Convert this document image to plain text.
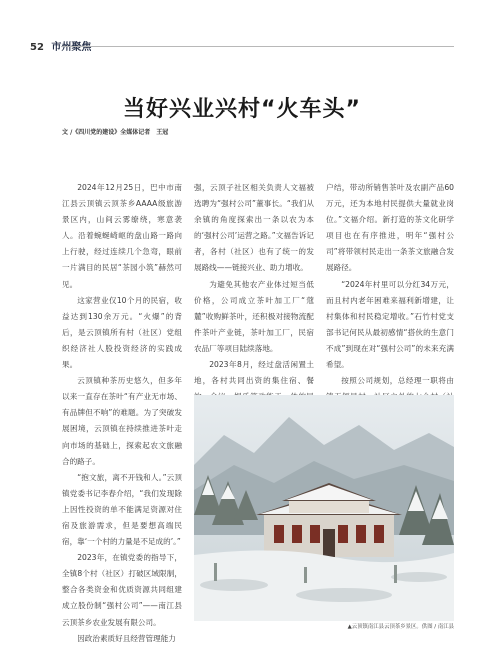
52 市州聚焦
当好兴业兴村“火车头”
文 /《四川党的建设》全媒体记者　王冠

2024年12月25日，巴中市南江县云顶镇云顶茶乡AAAA级旅游景区内，山间云雾缭绕，寒意袭人。沿着蜿蜒崎岖的盘山路一路向上行驶，经过连续几个急弯，眼前一片满目的民居“茶园小筑”赫然可见。

这家营业仅10个月的民宿，收益达到130余万元。“火爆”的背后，是云顶镇所有村（社区）党组织经济社人股投资经济的实践成果。

云顶镇种茶历史悠久，但多年以来一直存在茶叶“有产业无市场、有品牌但不响”的难题。为了突破发展困境，云顶镇在持续推进茶叶走向市场的基础上，探索起农文旅融合的路子。

“抱文旅，离不开钱和人。”云顶镇党委书记李春介绍，“我们发现除上因性投资的单不能满足资源对住宿及旅游需求，但是要想高端民宿，靠‘一个村的力量是不足成的’。”

2023年，在镇党委的指导下，全镇8个村（社区）打破区域限制，整合各类资金和优质资源共同组建成立股份制“强村公司”——南江县云顶茶乡农业发展有限公司。

因政治素质好且经营管理能力

强，云顶子社区相关负责人文福被选聘为“强村公司”董事长。“我们从余镇的角度探索出一条以农为本的‘强村公司’运营之路。”文福告诉记者，各村（社区）也有了统一的发展路线——链接兴业、助力增收。

为避免其他农产业体过短当低价格，公司成立茶叶加工厂“蔻麓”收购鲜茶叶，还积极对接物流配件茶叶产业链，茶叶加工厂，民宿农品厂等项目陆续落地。

2023年8月，经过盘活闲置土地，各村共同出资的集住宿、餐

户结，带动所销售茶叶及农副产品60万元，还为本地村民提供大量就业岗位。”文福介绍。新打造的茶文化研学项目也在有序推进，明年“强村公司”将带领村民走出一条茶文旅融合发展路径。

“2024年村里可以分红34万元，而且村内老年困难来福利新增建，让村集体和村民稳定增收。”石竹村党支部书记何民从最初感情“搭伙的生意门不成”到现在对“强村公司”的未来充满希望。

按照公司规划，总经理一职将由

▲云顶镇南江县云顶茶乡景区。供图 / 南江县
